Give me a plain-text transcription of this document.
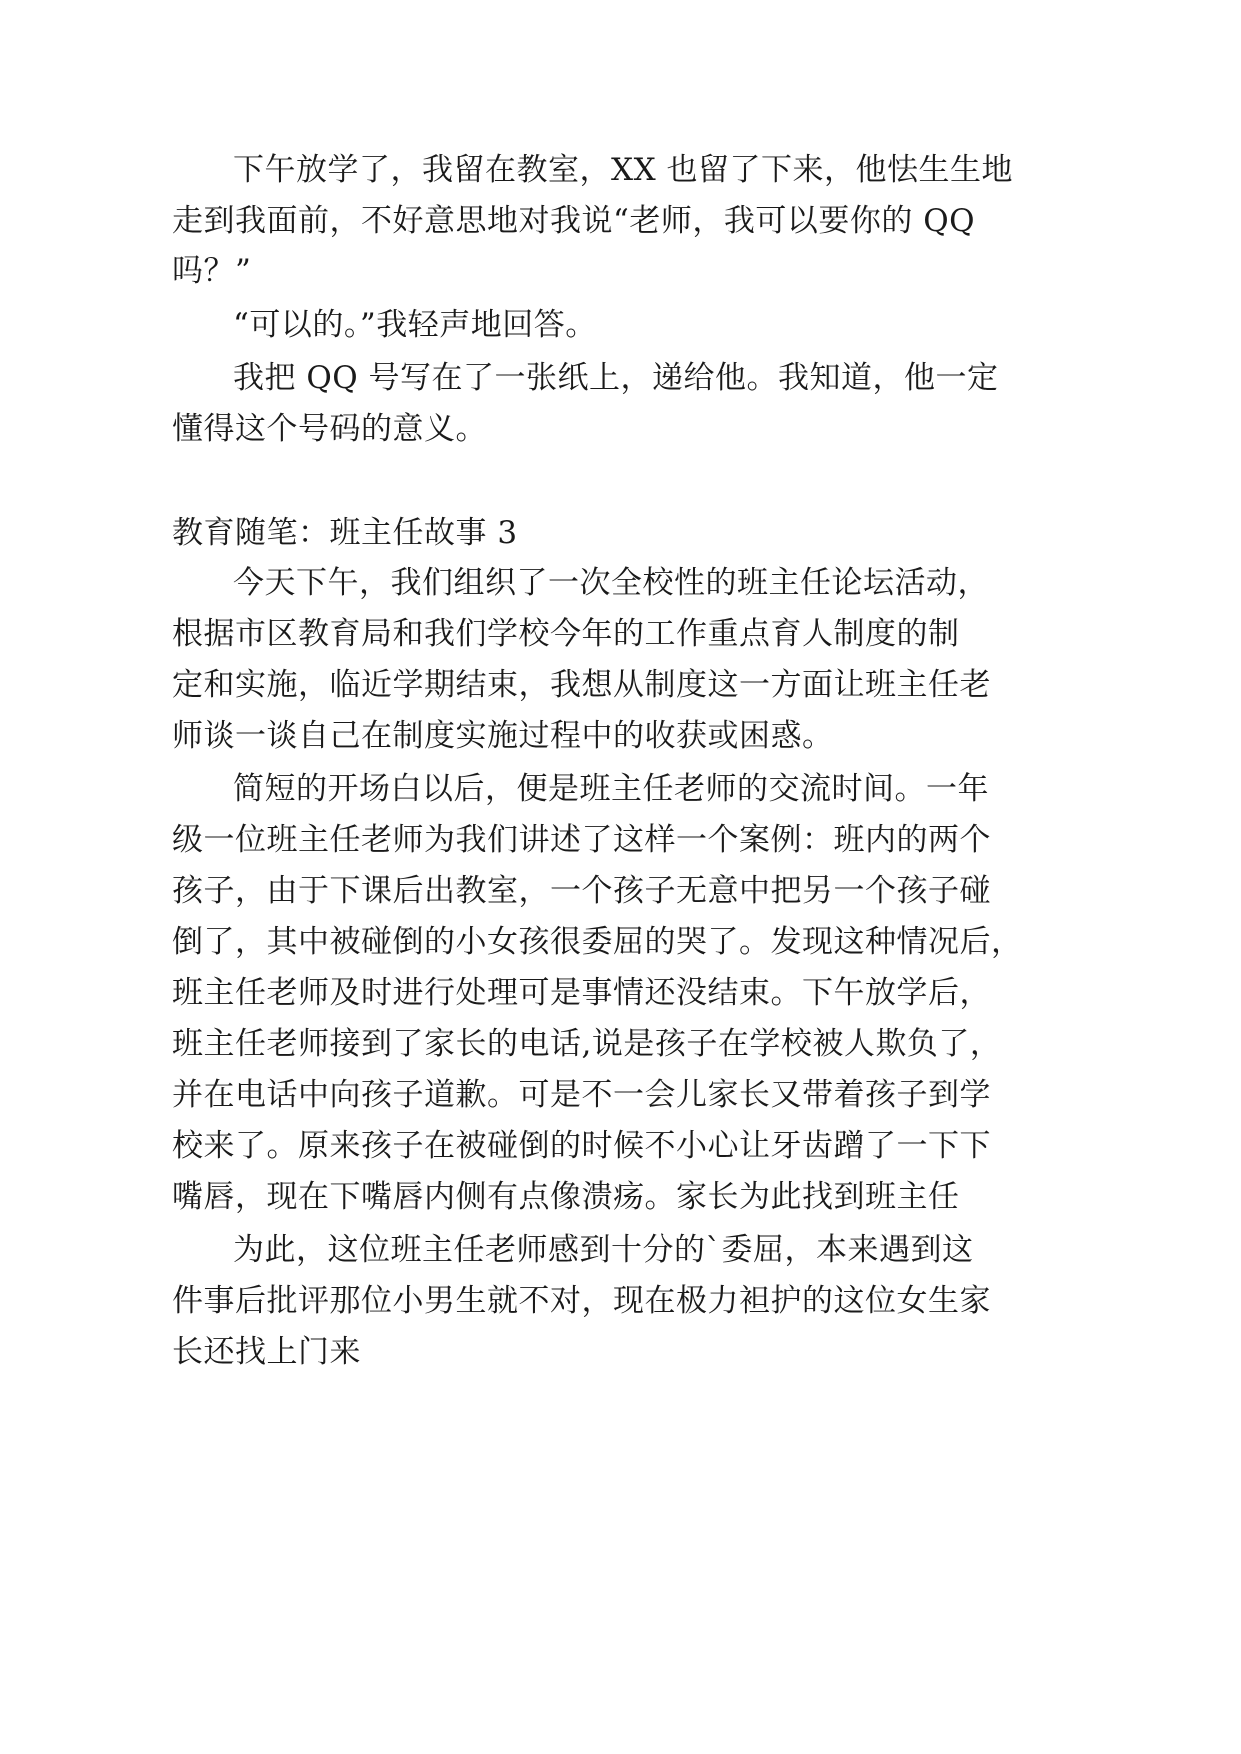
下午放学了，我留在教室，XX 也留了下来，他怯生生地
走到我面前，不好意思地对我说“老师，我可以要你的 QQ
吗？”
“可以的。”我轻声地回答。
我把 QQ 号写在了一张纸上，递给他。我知道，他一定
懂得这个号码的意义。
教育随笔：班主任故事 3
今天下午，我们组织了一次全校性的班主任论坛活动，
根据市区教育局和我们学校今年的工作重点育人制度的制
定和实施，临近学期结束，我想从制度这一方面让班主任老
师谈一谈自己在制度实施过程中的收获或困惑。
简短的开场白以后，便是班主任老师的交流时间。一年
级一位班主任老师为我们讲述了这样一个案例：班内的两个
孩子，由于下课后出教室，一个孩子无意中把另一个孩子碰
倒了，其中被碰倒的小女孩很委屈的哭了。发现这种情况后，
班主任老师及时进行处理可是事情还没结束。下午放学后，
班主任老师接到了家长的电话,说是孩子在学校被人欺负了，
并在电话中向孩子道歉。可是不一会儿家长又带着孩子到学
校来了。原来孩子在被碰倒的时候不小心让牙齿蹭了一下下
嘴唇，现在下嘴唇内侧有点像溃疡。家长为此找到班主任
为此，这位班主任老师感到十分的`委屈，本来遇到这
件事后批评那位小男生就不对，现在极力袒护的这位女生家
长还找上门来
